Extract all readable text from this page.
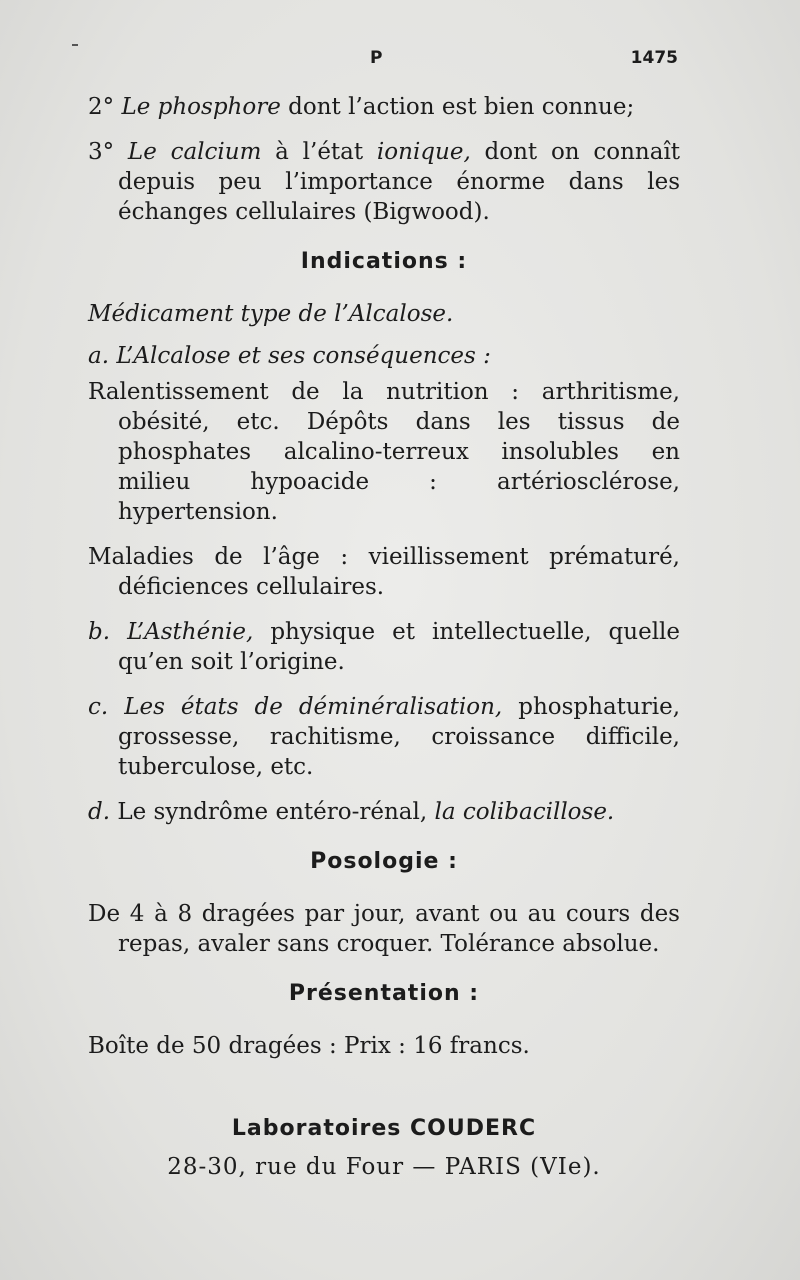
P	1475

2° Le phosphore dont l’action est bien connue;

3° Le calcium à l’état ionique, dont on connaît depuis peu l’importance énorme dans les échanges cellulaires (Bigwood).

Indications :

Médicament type de l’Alcalose.

a. L’Alcalose et ses conséquences :

Ralentissement de la nutrition : arthritisme, obésité, etc. Dépôts dans les tissus de phosphates alcalino-terreux insolubles en milieu hypoacide : artériosclérose, hypertension.

Maladies de l’âge : vieillissement prématuré, déficiences cellulaires.

b. L’Asthénie, physique et intellectuelle, quelle qu’en soit l’origine.

c. Les états de déminéralisation, phosphaturie, grossesse, rachitisme, croissance difficile, tuberculose, etc.

d. Le syndrôme entéro-rénal, la colibacillose.

Posologie :

De 4 à 8 dragées par jour, avant ou au cours des repas, avaler sans croquer. Tolérance absolue.

Présentation :

Boîte de 50 dragées : Prix : 16 francs.

Laboratoires COUDERC
28-30, rue du Four — PARIS (VIe).
